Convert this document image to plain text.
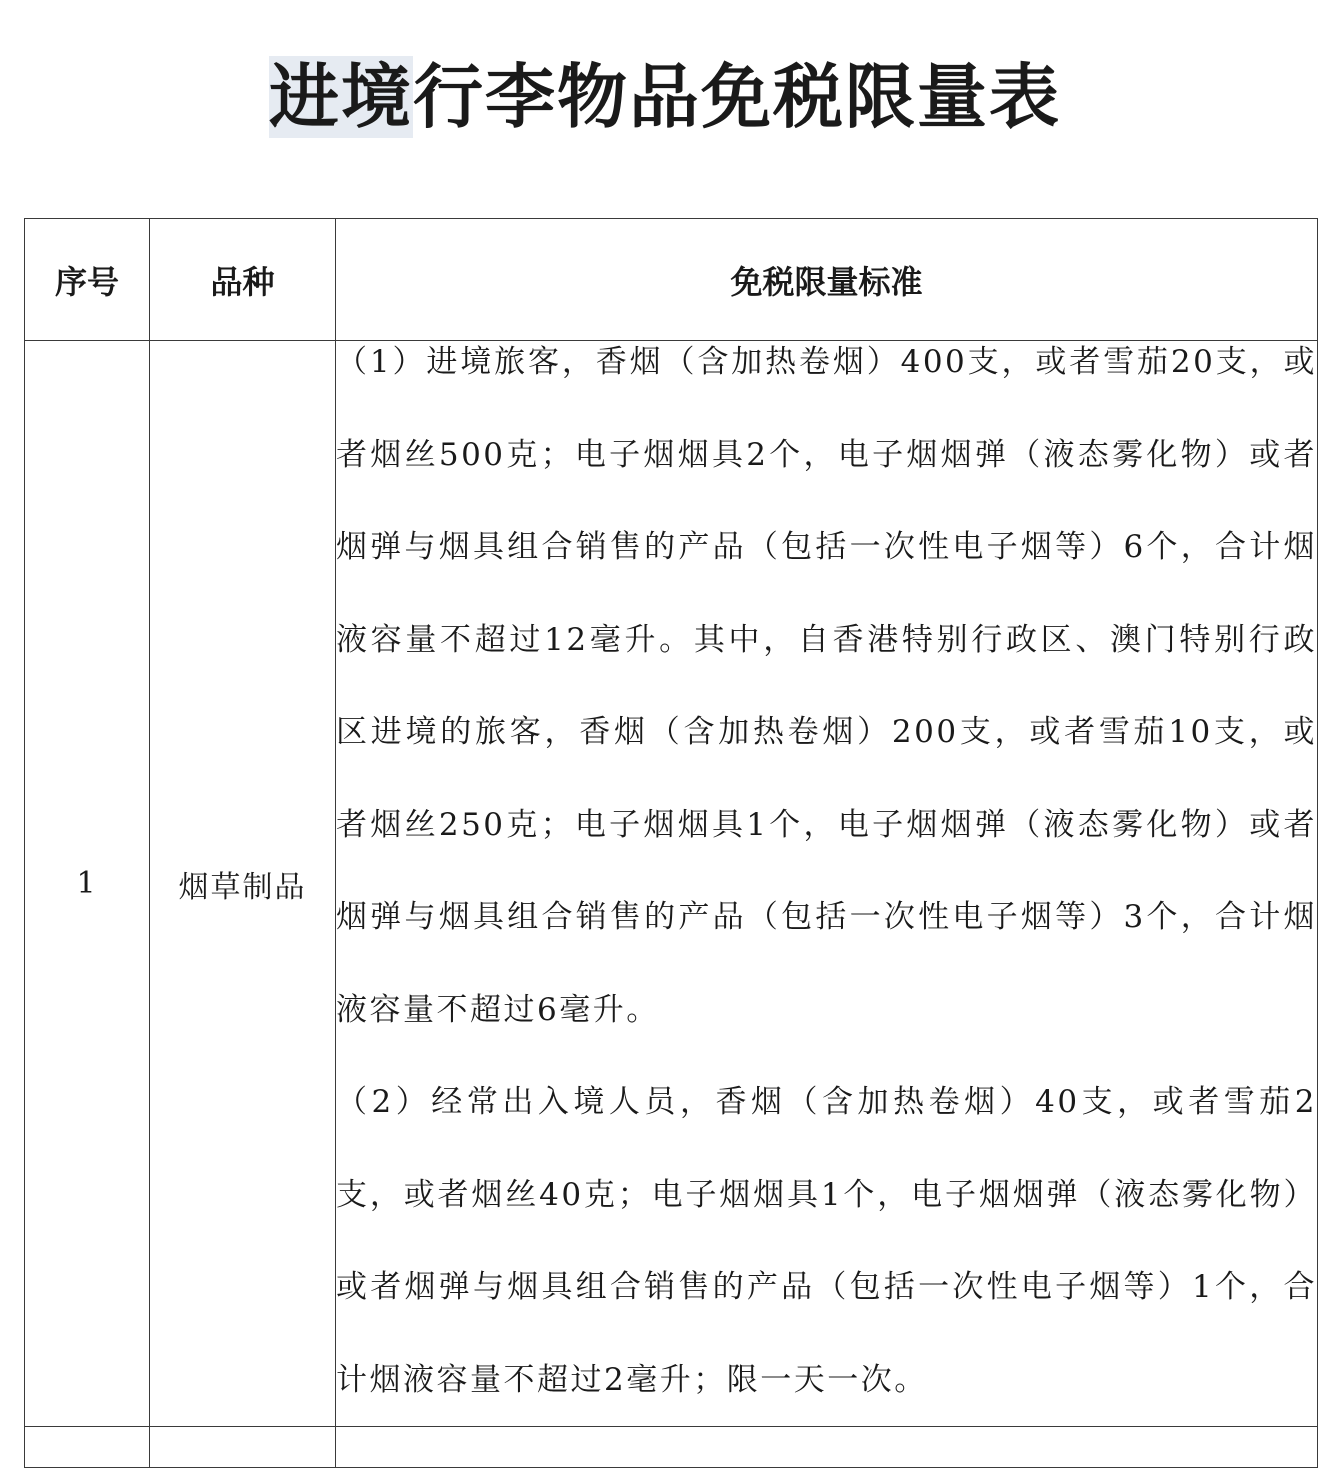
进境行李物品免税限量表
序号	品种	免税限量标准
1	烟草制品	（1）进境旅客，香烟（含加热卷烟）400支，或者雪茄20支，或者烟丝500克；电子烟烟具2个，电子烟烟弹（液态雾化物）或者烟弹与烟具组合销售的产品（包括一次性电子烟等）6个，合计烟液容量不超过12毫升。其中，自香港特别行政区、澳门特别行政区进境的旅客，香烟（含加热卷烟）200支，或者雪茄10支，或者烟丝250克；电子烟烟具1个，电子烟烟弹（液态雾化物）或者烟弹与烟具组合销售的产品（包括一次性电子烟等）3个，合计烟液容量不超过6毫升。

（2）经常出入境人员，香烟（含加热卷烟）40支，或者雪茄2支，或者烟丝40克；电子烟烟具1个，电子烟烟弹（液态雾化物）或者烟弹与烟具组合销售的产品（包括一次性电子烟等）1个，合计烟液容量不超过2毫升；限一天一次。
